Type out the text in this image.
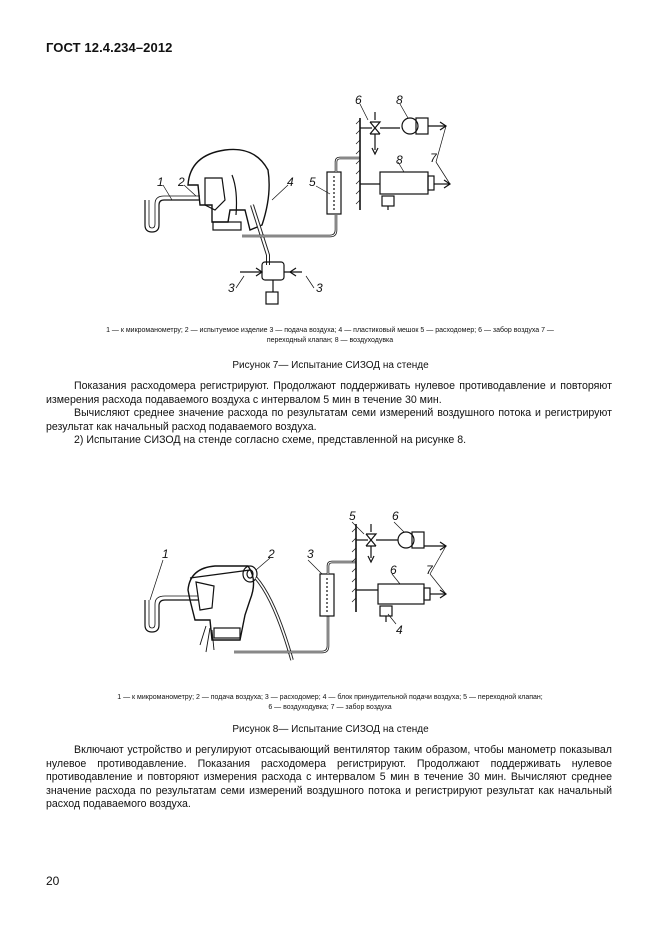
ГОСТ 12.4.234–2012
1 2
3	3
4 5
6
7
8
8
1 — к микроманометру; 2 — испытуемое изделие 3 — подача воздуха; 4 — пластиковый мешок 5 — расходомер; 6 — забор воздуха 7 —
переходный клапан; 8 — воздуходувка
Рисунок 7— Испытание СИЗОД на стенде

Показания расходомера регистрируют. Продолжают поддерживать нулевое противодавление и повторяют измерения расхода подаваемого воздуха с интервалом 5 мин в течение 30 мин.

Вычисляют среднее значение расхода по результатам семи измерений воздушного потока и регистрируют результат как начальный расход подаваемого воздуха.

2) Испытание СИЗОД на стенде согласно схеме, представленной на рисунке 8.

1	2	3
4
5	6
6 7
1 — к микроманометру; 2 — подача воздуха; 3 — расходомер; 4 — блок принудительной подачи воздуха; 5 — переходной клапан;
6 — воздуходувка; 7 — забор воздуха
Рисунок 8— Испытание СИЗОД на стенде

Включают устройство и регулируют отсасывающий вентилятор таким образом, чтобы манометр показывал нулевое противодавление. Показания расходомера регистрируют. Продолжают поддерживать нулевое противодавление и повторяют измерения расхода с интервалом 5 мин в течение 30 мин. Вычисляют среднее значение расхода по результатам семи измерений воздушного потока и регистрируют результат как начальный расход подаваемого воздуха.

20
